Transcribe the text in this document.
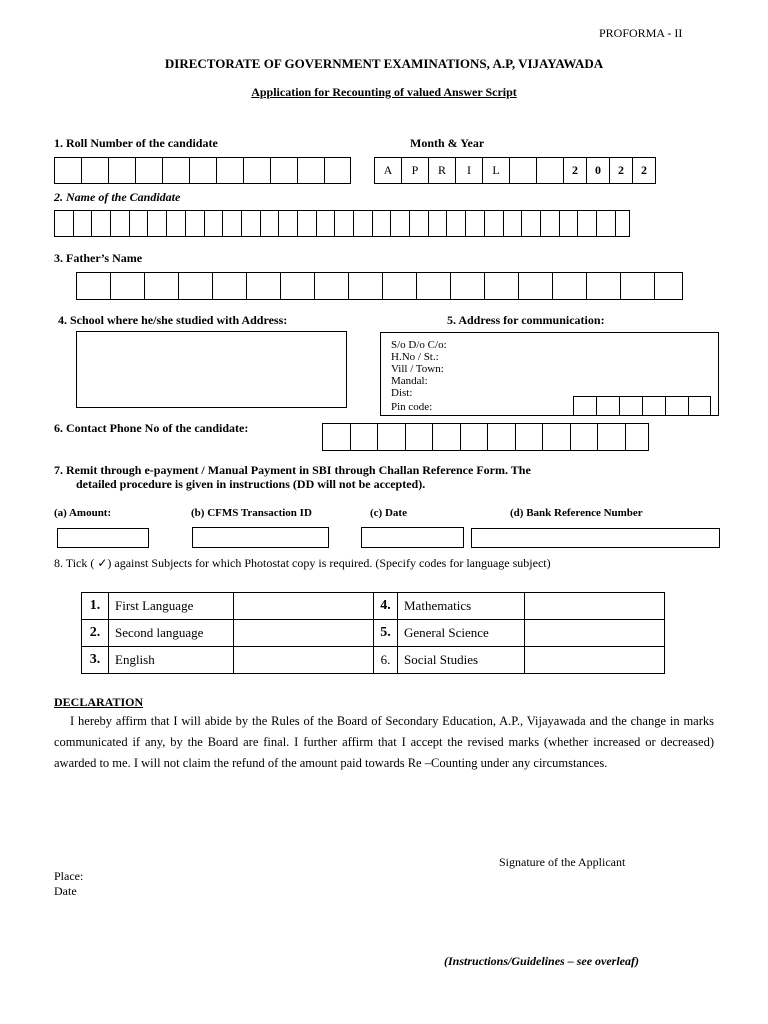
PROFORMA - II
DIRECTORATE OF GOVERNMENT EXAMINATIONS, A.P, VIJAYAWADA
Application for Recounting of valued Answer Script
1. Roll Number of the candidate	Month & Year
A	P	R	I	L	2	0	2	2
2. Name of the Candidate
3. Father’s Name
4. School where he/she studied with Address:	5. Address for communication:
S/o D/o C/o:
H.No / St.:
Vill / Town:
Mandal:
Dist:
Pin code:
6. Contact Phone No of the candidate:
7. Remit through e-payment / Manual Payment in SBI through Challan Reference Form. The
detailed procedure is given in instructions (DD will not be accepted).
(a) Amount:	(b) CFMS Transaction ID	(c) Date	(d) Bank Reference Number
8. Tick ( ✓) against Subjects for which Photostat copy is required. (Specify codes for language subject)
1.	First Language		4.	Mathematics	
2.	Second language		5.	General Science	
3.	English		6.	Social Studies	
DECLARATION
I hereby affirm that I will abide by the Rules of the Board of Secondary Education, A.P., Vijayawada and the change in marks communicated if any, by the Board are final. I further affirm that I accept the revised marks (whether increased or decreased) awarded to me. I will not claim the refund of the amount paid towards Re –Counting under any circumstances.
Signature of the Applicant
Place:
Date
(Instructions/Guidelines – see overleaf)
